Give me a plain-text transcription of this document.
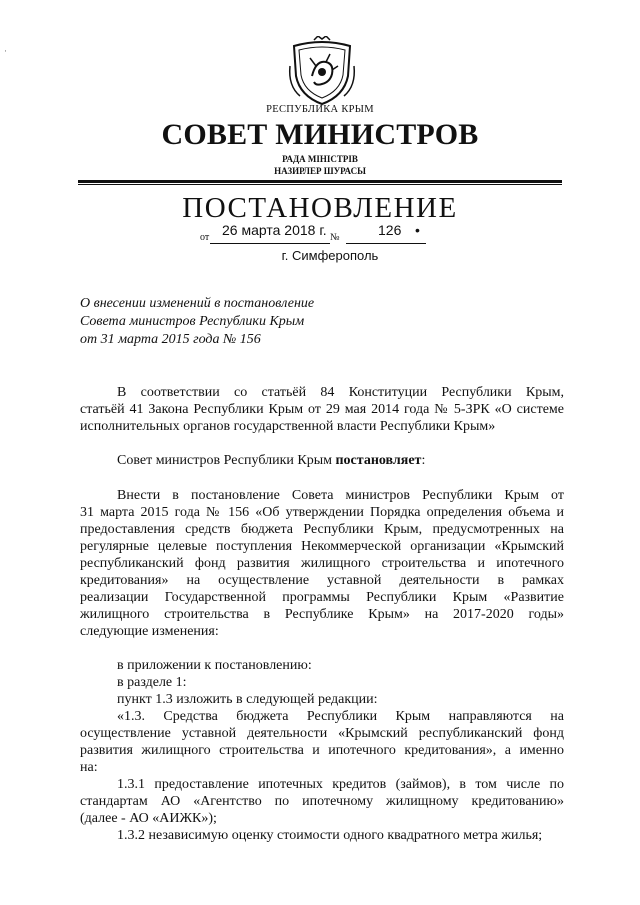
·
РЕСПУБЛИКА КРЫМ
СОВЕТ МИНИСТРОВ
РАДА МІНІСТРІВ
НАЗИРЛЕР ШУРАСЫ
ПОСТАНОВЛЕНИЕ
от 26 марта 2018 г. №	126 •
г. Симферополь
О внесении изменений в постановление
Совета министров Республики Крым
от 31 марта 2015 года № 156
В соответствии со статьёй 84 Конституции Республики Крым,
статьёй 41 Закона Республики Крым от 29 мая 2014 года № 5-ЗРК «О системе
исполнительных органов государственной власти Республики Крым»
Совет министров Республики Крым постановляет:
Внести в постановление Совета министров Республики Крым от
31 марта 2015 года № 156 «Об утверждении Порядка определения объема и
предоставления средств бюджета Республики Крым, предусмотренных на
регулярные целевые поступления Некоммерческой организации «Крымский
республиканский фонд развития жилищного строительства и ипотечного
кредитования» на осуществление уставной деятельности в рамках
реализации Государственной программы Республики Крым «Развитие
жилищного строительства в Республике Крым» на 2017-2020 годы»
следующие изменения:
в приложении к постановлению:
в разделе 1:
пункт 1.3 изложить в следующей редакции:
«1.3. Средства бюджета Республики Крым направляются на
осуществление уставной деятельности «Крымский республиканский фонд
развития жилищного строительства и ипотечного кредитования», а именно
на:
1.3.1 предоставление ипотечных кредитов (займов), в том числе по
стандартам АО «Агентство по ипотечному жилищному кредитованию»
(далее - АО «АИЖК»);
1.3.2 независимую оценку стоимости одного квадратного метра жилья;
